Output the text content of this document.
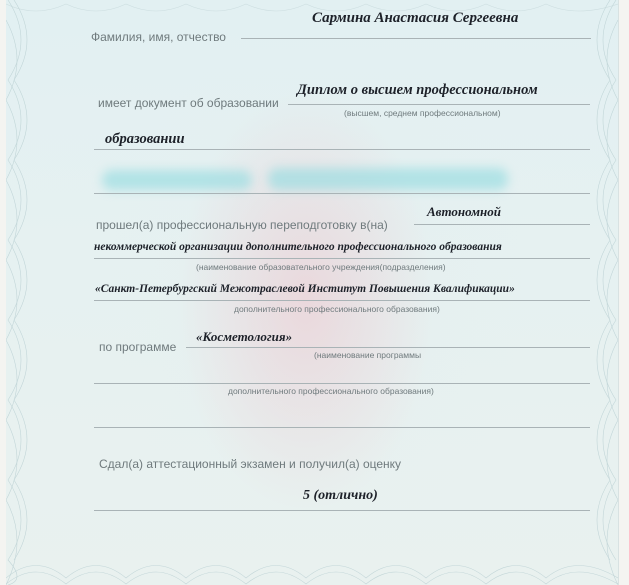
Фамилия, имя, отчество
Сармина Анастасия Сергеевна
имеет документ об образовании
Диплом о высшем профессиональном
(высшем, среднем профессиональном)
образовании
прошел(а) профессиональную переподготовку в(на)
Автономной
некоммерческой организации дополнительного профессионального образования
(наименование образовательного учреждения(подразделения)
«Санкт-Петербургский Межотраслевой Институт Повышения Квалификации»
дополнительного профессионального образования)
по программе
«Косметология»
(наименование программы
дополнительного профессионального образования)
Сдал(а) аттестационный экзамен и получил(а) оценку
5 (отлично)
